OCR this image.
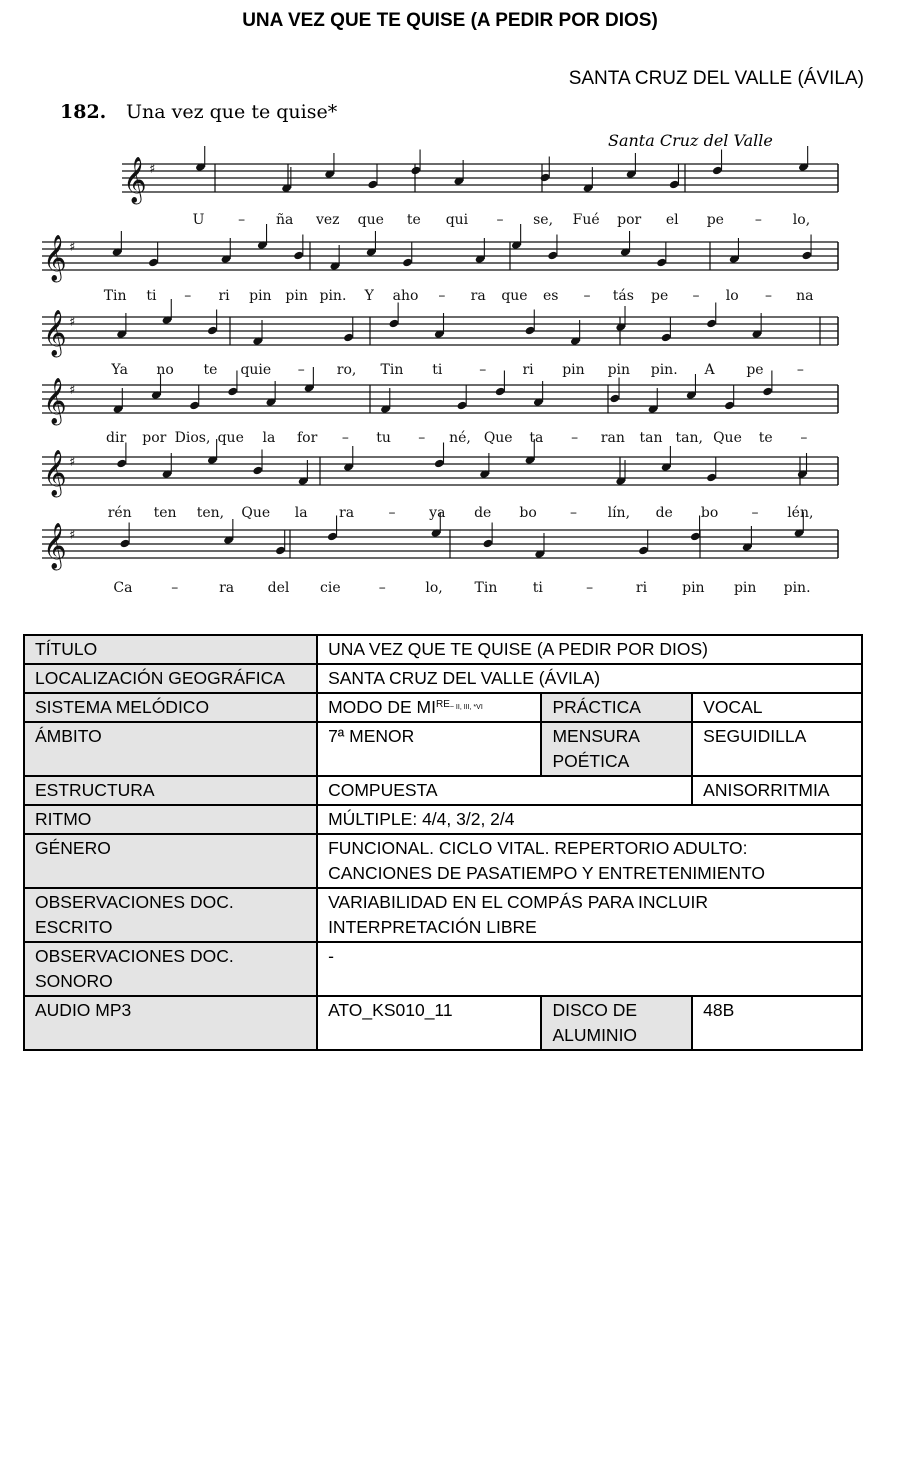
UNA VEZ QUE TE QUISE (A PEDIR POR DIOS)
SANTA CRUZ DEL VALLE (ÁVILA)
182. Una vez que te quise*
Santa Cruz del Valle
𝄞 ♯
U – ña vez que te qui – se, Fué por el pe – lo,
𝄞 ♯
Tin ti – ri pin pin pin. Y aho – ra que es – tás pe – lo – na
𝄞 ♯
Ya no te quie – ro, Tin ti	–	ri pin pin pin. A pe –
𝄞 ♯
dir por Dios, que la for – tu – né, Que ta – ran tan tan, Que te –
𝄞 ♯
rén ten ten, Que la ra – ya de bo – lín, de bo – lén,
𝄞 ♯
Ca	–	ra del cie	–	lo, Tin	ti	–	ri	pin pin pin.
TÍTULO	UNA VEZ QUE TE QUISE (A PEDIR POR DIOS)		
LOCALIZACIÓN GEOGRÁFICA	SANTA CRUZ DEL VALLE (ÁVILA)		
SISTEMA MELÓDICO	MODO DE MIRE~ II, III, *VI	PRÁCTICA	VOCAL
ÁMBITO	7ª MENOR	MENSURA POÉTICA	SEGUIDILLA
ESTRUCTURA	COMPUESTA		ANISORRITMIA
RITMO	MÚLTIPLE: 4/4, 3/2, 2/4		
GÉNERO	FUNCIONAL. CICLO VITAL. REPERTORIO ADULTO: CANCIONES DE PASATIEMPO Y ENTRETENIMIENTO		
OBSERVACIONES DOC. ESCRITO	VARIABILIDAD EN EL COMPÁS PARA INCLUIR INTERPRETACIÓN LIBRE		
OBSERVACIONES DOC. SONORO	-		
AUDIO MP3	ATO_KS010_11	DISCO DE ALUMINIO	48B
